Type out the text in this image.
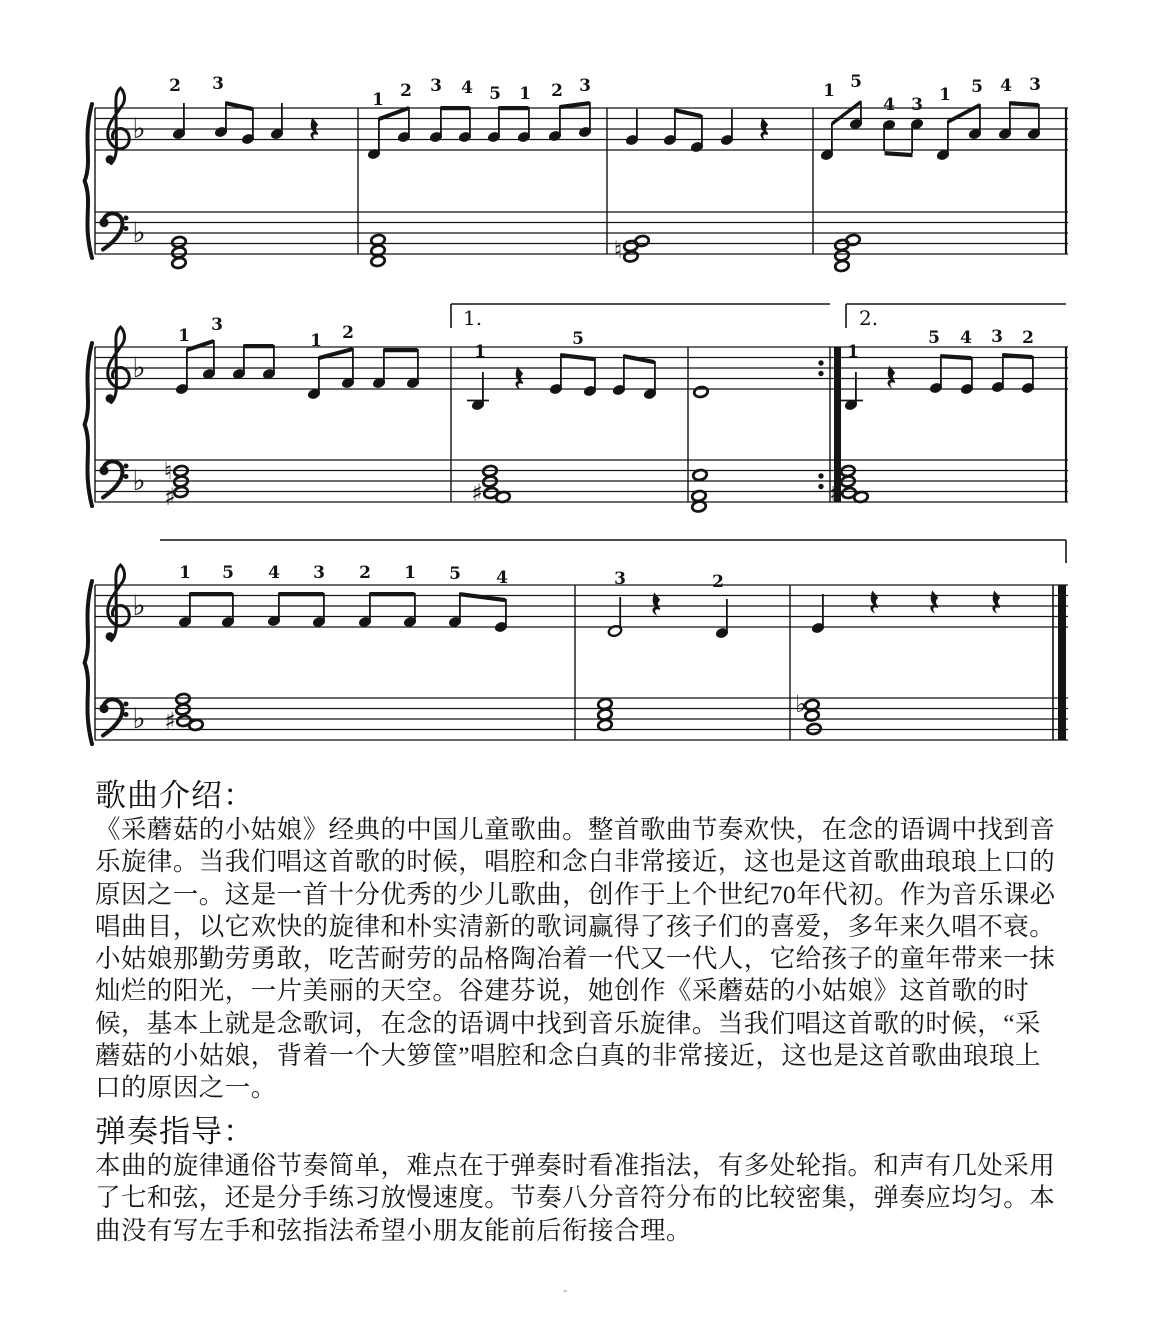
♭
♭
♭
♭
♭
♭
1.	2.
2 3
1 2 3 4 5 1 2 3	1 5
4 3 1 5 4 3
♮
1
3
1 2
1
5
1
5 4 3 2
♮
♯	♯	♯
1 5 4 3 2 1 5 4	3	2
♯
♭
歌曲介绍：
《采蘑菇的小姑娘》经典的中国儿童歌曲。整首歌曲节奏欢快，在念的语调中找到音
乐旋律。当我们唱这首歌的时候，唱腔和念白非常接近，这也是这首歌曲琅琅上口的
原因之一。这是一首十分优秀的少儿歌曲，创作于上个世纪70年代初。作为音乐课必
唱曲目，以它欢快的旋律和朴实清新的歌词赢得了孩子们的喜爱，多年来久唱不衰。
小姑娘那勤劳勇敢，吃苦耐劳的品格陶冶着一代又一代人，它给孩子的童年带来一抹
灿烂的阳光，一片美丽的天空。谷建芬说，她创作《采蘑菇的小姑娘》这首歌的时
候，基本上就是念歌词，在念的语调中找到音乐旋律。当我们唱这首歌的时候，“采
蘑菇的小姑娘，背着一个大箩筐”唱腔和念白真的非常接近，这也是这首歌曲琅琅上
口的原因之一。
弹奏指导：
本曲的旋律通俗节奏简单，难点在于弹奏时看准指法，有多处轮指。和声有几处采用
了七和弦，还是分手练习放慢速度。节奏八分音符分布的比较密集，弹奏应均匀。本
曲没有写左手和弦指法希望小朋友能前后衔接合理。
-
